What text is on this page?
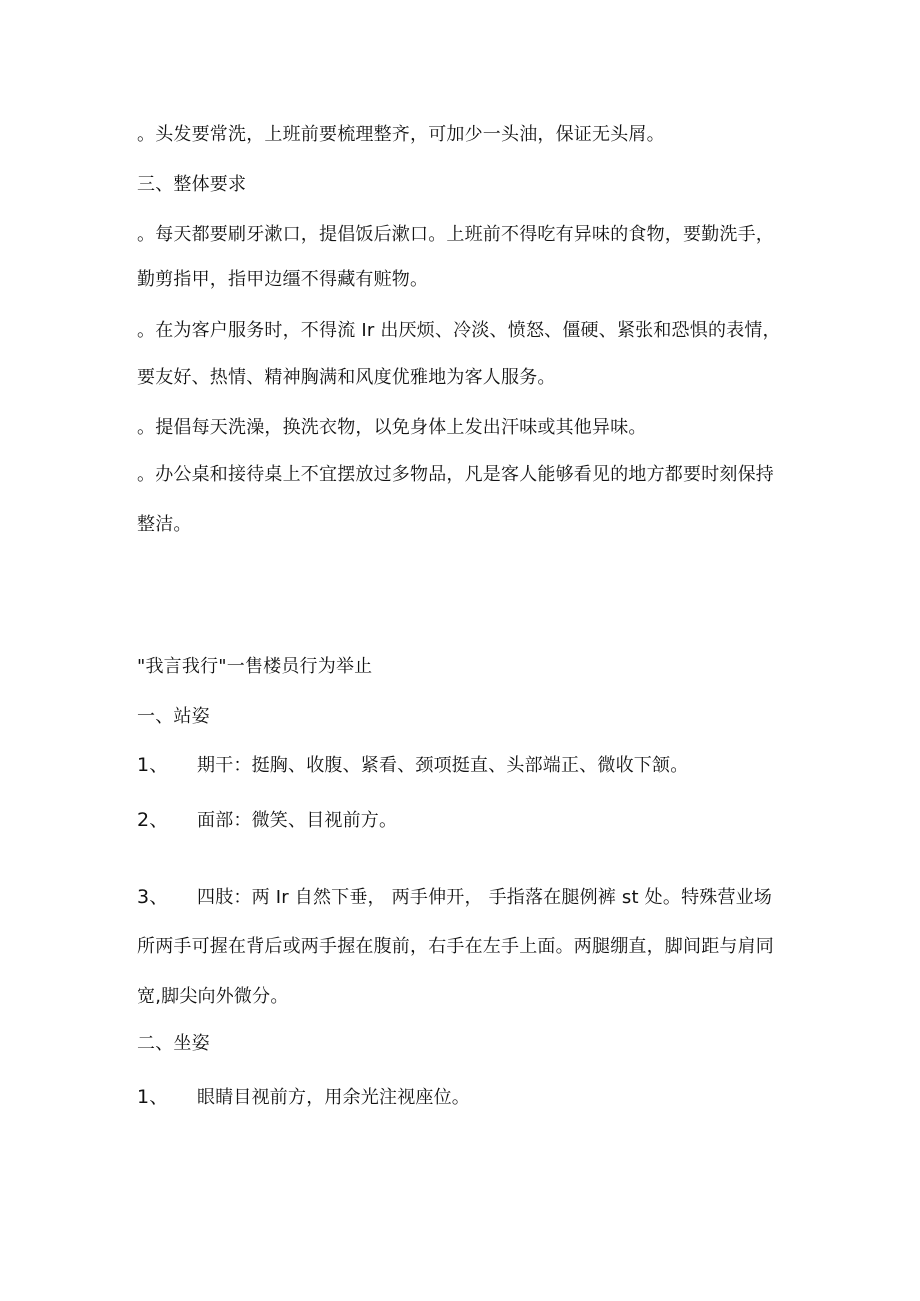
。头发要常洗，上班前要梳理整齐，可加少一头油，保证无头屑。
三、整体要求
。每天都要刷牙漱口，提倡饭后漱口。上班前不得吃有异味的食物，要勤洗手，
勤剪指甲，指甲边缰不得藏有赃物。
。在为客户服务时，不得流 Ir 出厌烦、冷淡、愤怒、僵硬、紧张和恐惧的表情，
要友好、热情、精神胸满和风度优雅地为客人服务。
。提倡每天洗澡，换洗衣物，以免身体上发出汗味或其他异味。
。办公桌和接待桌上不宜摆放过多物品，凡是客人能够看见的地方都要时刻保持
整洁。
"我言我行"一售楼员行为举止
一、站姿
1、 期干：挺胸、收腹、紧看、颈项挺直、头部端正、微收下颔。
2、 面部：微笑、目视前方。
3、 四肢：两 Ir 自然下垂， 两手伸开， 手指落在腿例裤 st 处。特殊营业场
所两手可握在背后或两手握在腹前，右手在左手上面。两腿绷直，脚间距与肩同
宽,脚尖向外微分。
二、坐姿
1、 眼睛目视前方，用余光注视座位。
